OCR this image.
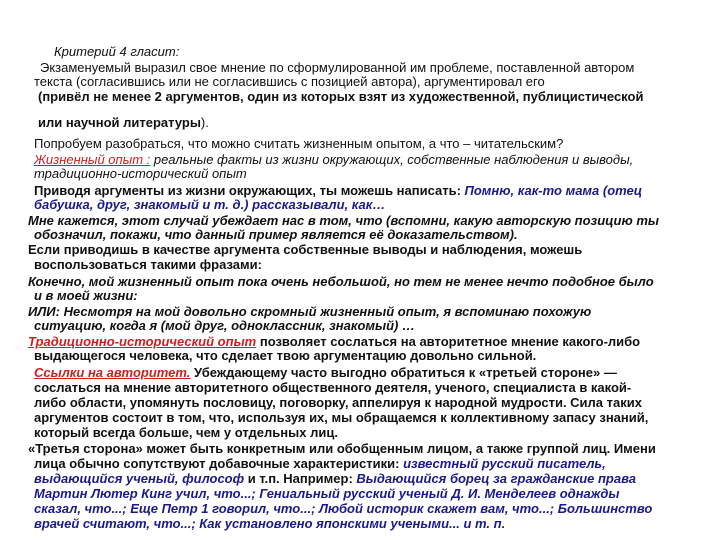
Критерий 4 гласит:
Экзаменуемый выразил свое мнение по сформулированной им проблеме, поставленной автором
текста (согласившись или не согласившись с позицией автора), аргументировал его
(привёл не менее 2 аргументов, один из которых взят из художественной, публицистической
или научной литературы).
Попробуем разобраться, что можно считать жизненным опытом, а что – читательским?
Жизненный опыт : реальные факты из жизни окружающих, собственные наблюдения и выводы,
традиционно-исторический опыт
Приводя аргументы из жизни окружающих, ты можешь написать: Помню, как-то мама (отец
бабушка, друг, знакомый и т. д.) рассказывали, как…
Мне кажется, этот случай убеждает нас в том, что (вспомни, какую авторскую позицию ты
обозначил, покажи, что данный пример является её доказательством).
Если приводишь в качестве аргумента собственные выводы и наблюдения, можешь
воспользоваться такими фразами:
Конечно, мой жизненный опыт пока очень небольшой, но тем не менее нечто подобное было
и в моей жизни:
ИЛИ: Несмотря на мой довольно скромный жизненный опыт, я вспоминаю похожую
ситуацию, когда я (мой друг, одноклассник, знакомый) …
Традиционно-исторический опыт позволяет сослаться на авторитетное мнение какого-либо
выдающегося человека, что сделает твою аргументацию довольно сильной.
Ссылки на авторитет. Убеждающему часто выгодно обратиться к «третьей стороне» —
сослаться на мнение авторитетного общественного деятеля, ученого, специалиста в какой-
либо области, упомянуть пословицу, поговорку, аппелируя к народной мудрости. Сила таких
аргументов состоит в том, что, используя их, мы обращаемся к коллективному запасу знаний,
который всегда больше, чем у отдельных лиц.
«Третья сторона» может быть конкретным или обобщенным лицом, а также группой лиц. Имени
лица обычно сопутствуют добавочные характеристики: известный русский писатель,
выдающийся ученый, философ и т.п. Например: Выдающийся борец за гражданские права
Мартин Лютер Кинг учил, что...; Гениальный русский ученый Д. И. Менделеев однажды
сказал, что...; Еще Петр 1 говорил, что...; Любой историк скажет вам, что...; Большинство
врачей считают, что...; Как установлено японскими учеными... и т. п.
